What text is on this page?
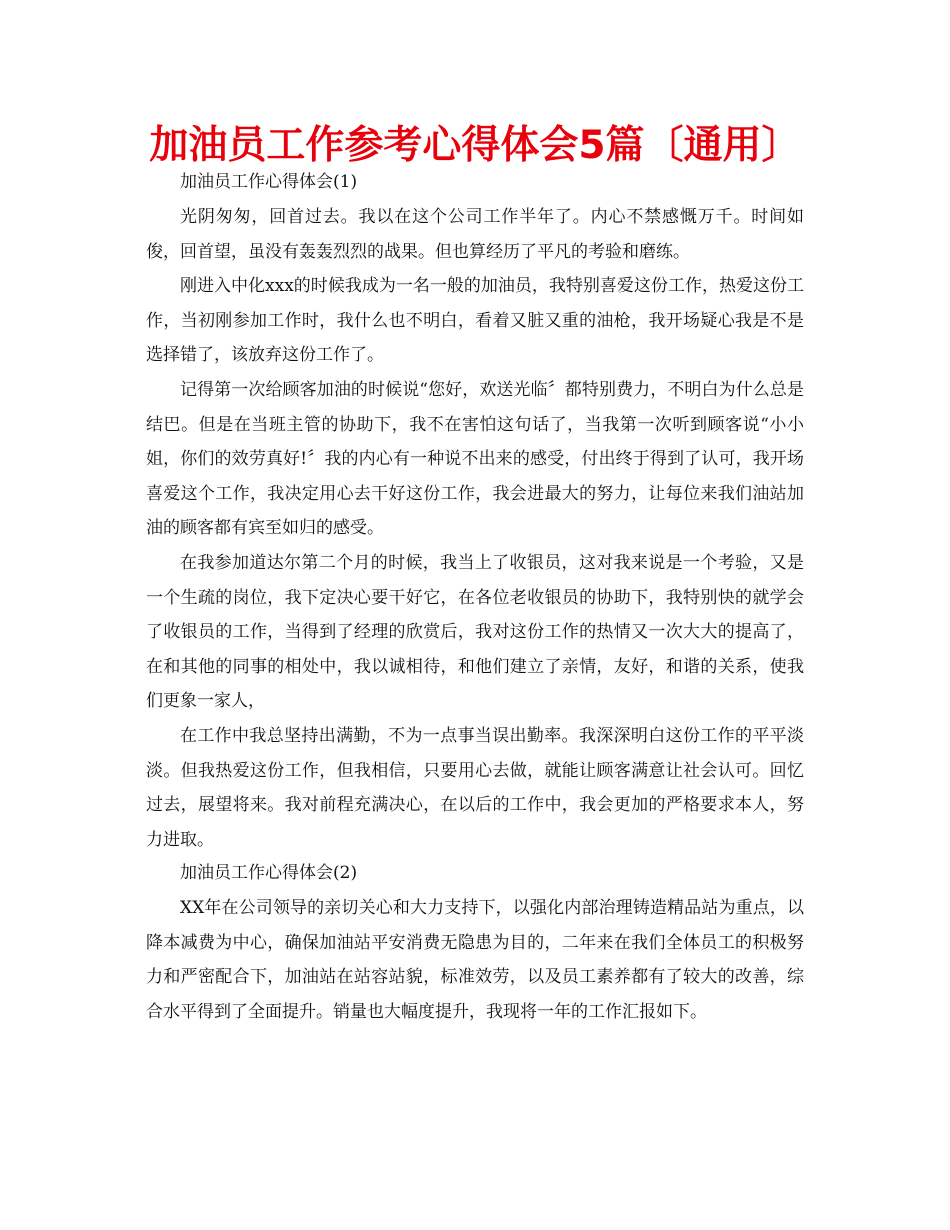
加油员工作参考心得体会5篇〔通用〕

加油员工作心得体会(1)

光阴匆匆，回首过去。我以在这个公司工作半年了。内心不禁感慨万千。时间如俊，回首望，虽没有轰轰烈烈的战果。但也算经历了平凡的考验和磨练。

刚进入中化xxx的时候我成为一名一般的加油员，我特别喜爱这份工作，热爱这份工作，当初刚参加工作时，我什么也不明白，看着又脏又重的油枪，我开场疑心我是不是选择错了，该放弃这份工作了。

记得第一次给顾客加油的时候说“您好，欢送光临〞都特别费力，不明白为什么总是结巴。但是在当班主管的协助下，我不在害怕这句话了，当我第一次听到顾客说“小小姐，你们的效劳真好!〞我的内心有一种说不出来的感受，付出终于得到了认可，我开场喜爱这个工作，我决定用心去干好这份工作，我会进最大的努力，让每位来我们油站加油的顾客都有宾至如归的感受。

在我参加道达尔第二个月的时候，我当上了收银员，这对我来说是一个考验，又是一个生疏的岗位，我下定决心要干好它，在各位老收银员的协助下，我特别快的就学会了收银员的工作，当得到了经理的欣赏后，我对这份工作的热情又一次大大的提高了，在和其他的同事的相处中，我以诚相待，和他们建立了亲情，友好，和谐的关系，使我们更象一家人，

在工作中我总坚持出满勤，不为一点事当误出勤率。我深深明白这份工作的平平淡淡。但我热爱这份工作，但我相信，只要用心去做，就能让顾客满意让社会认可。回忆过去，展望将来。我对前程充满决心，在以后的工作中，我会更加的严格要求本人，努力进取。

加油员工作心得体会(2)

XX年在公司领导的亲切关心和大力支持下，以强化内部治理铸造精品站为重点，以降本减费为中心，确保加油站平安消费无隐患为目的，二年来在我们全体员工的积极努力和严密配合下，加油站在站容站貌，标准效劳，以及员工素养都有了较大的改善，综合水平得到了全面提升。销量也大幅度提升，我现将一年的工作汇报如下。
